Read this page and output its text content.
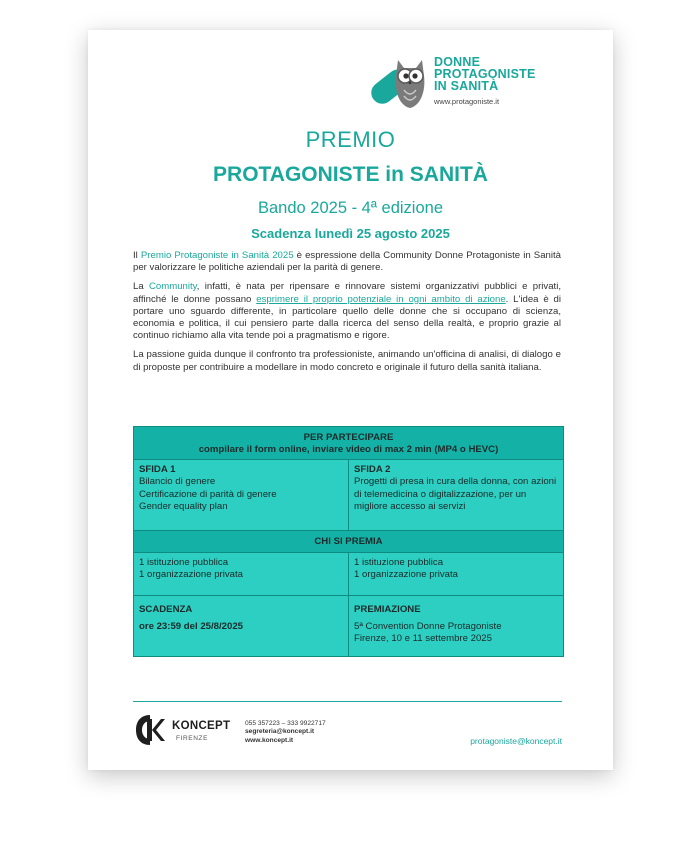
DONNE
PROTAGONISTE
IN SANITÀ
www.protagoniste.it
PREMIO
PROTAGONISTE in SANITÀ
Bando 2025 - 4ª edizione
Scadenza lunedì 25 agosto 2025

Il Premio Protagoniste in Sanità 2025 è espressione della Community Donne Protagoniste in Sanità per valorizzare le politiche aziendali per la parità di genere.

La Community, infatti, è nata per ripensare e rinnovare sistemi organizzativi pubblici e privati, affinché le donne possano esprimere il proprio potenziale in ogni ambito di azione. L'idea è di portare uno sguardo differente, in particolare quello delle donne che si occupano di scienza, economia e politica, il cui pensiero parte dalla ricerca del senso della realtà, e proprio grazie al continuo richiamo alla vita tende poi a pragmatismo e rigore.

La passione guida dunque il confronto tra professioniste, animando un'officina di analisi, di dialogo e di proposte per contribuire a modellare in modo concreto e originale il futuro della sanità italiana.

PER PARTECIPARE
compilare il form online, inviare video di max 2 min (MP4 o HEVC)
SFIDA 1
Bilancio di genere
Certificazione di parità di genere
Gender equality plan
SFIDA 2
Progetti di presa in cura della donna, con azioni di telemedicina o digitalizzazione, per un migliore accesso ai servizi
CHI SI PREMIA
1 istituzione pubblica
1 organizzazione privata
1 istituzione pubblica
1 organizzazione privata
SCADENZA
ore 23:59 del 25/8/2025
PREMIAZIONE
5ª Convention Donne Protagoniste
Firenze, 10 e 11 settembre 2025
KONCEPT
FIRENZE
055 357223 – 333 9922717
segreteria@koncept.it
www.koncept.it	protagoniste@koncept.it
